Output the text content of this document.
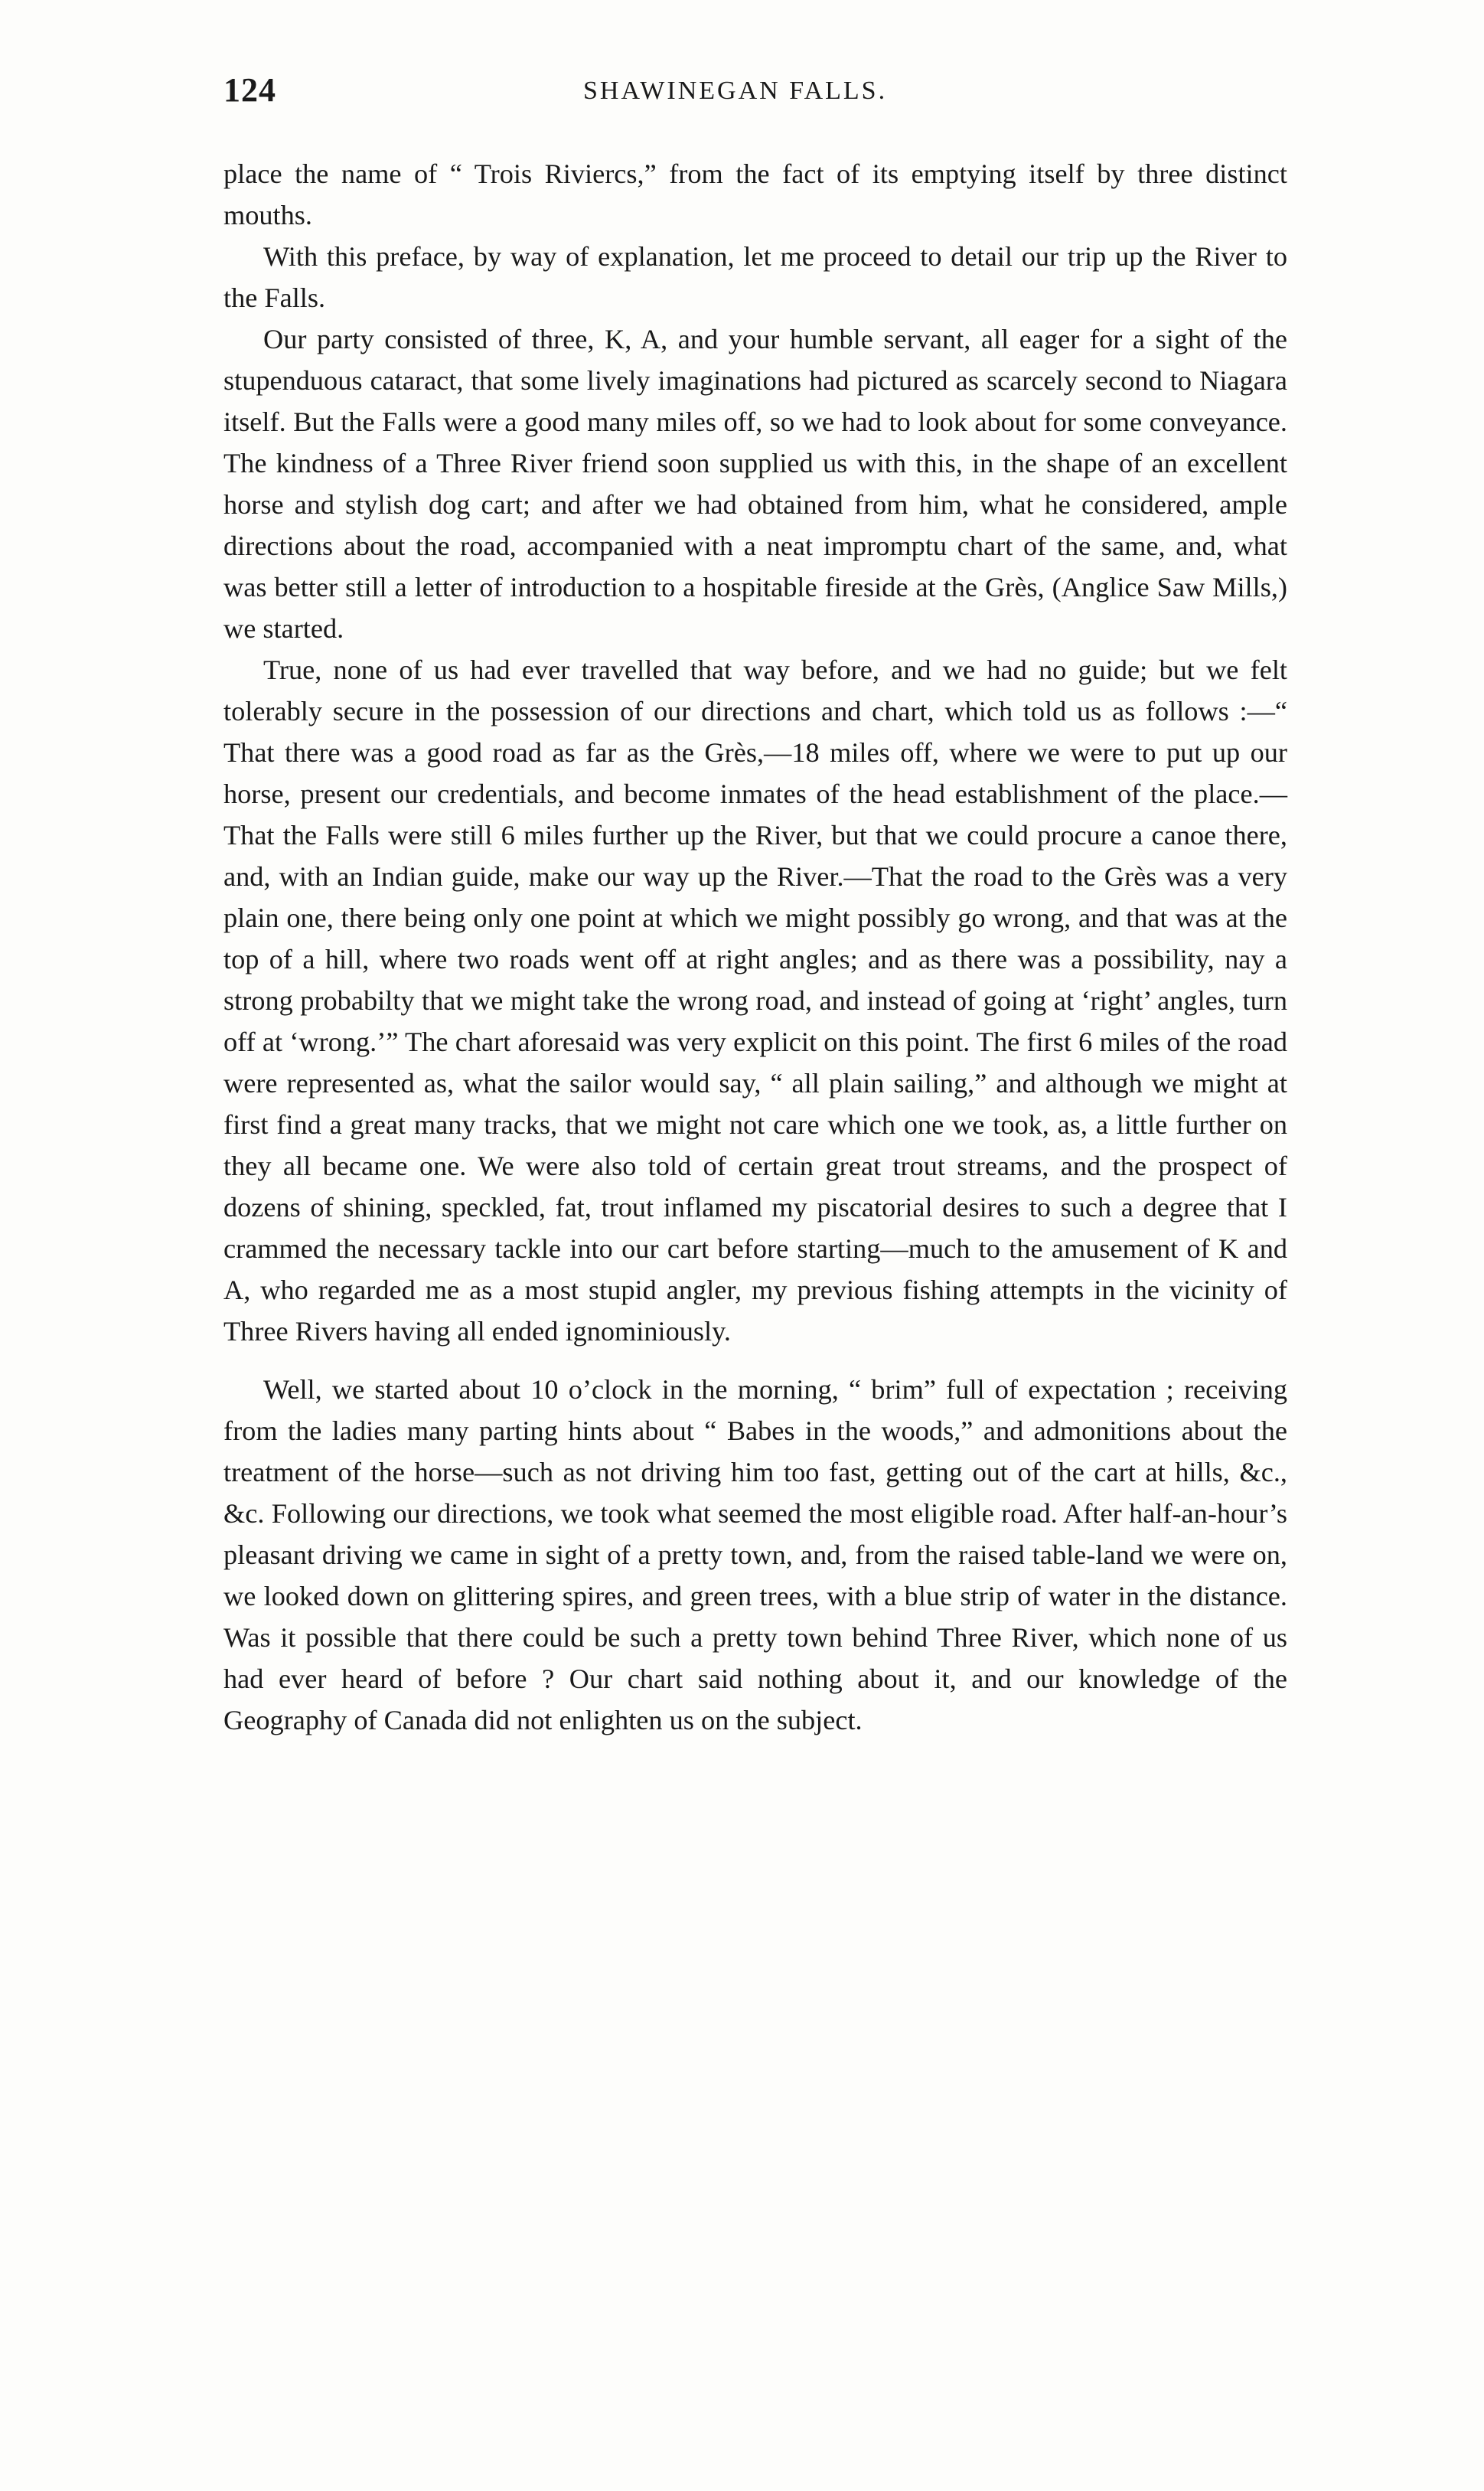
124	SHAWINEGAN FALLS.

place the name of “ Trois Riviercs,” from the fact of its emptying itself by three distinct mouths.

With this preface, by way of explanation, let me proceed to detail our trip up the River to the Falls.

Our party consisted of three, K, A, and your humble servant, all eager for a sight of the stupenduous cataract, that some lively imaginations had pictured as scarcely second to Niagara itself. But the Falls were a good many miles off, so we had to look about for some conveyance. The kindness of a Three River friend soon supplied us with this, in the shape of an excellent horse and stylish dog cart; and after we had obtained from him, what he considered, ample directions about the road, accompanied with a neat impromptu chart of the same, and, what was better still a letter of introduction to a hospitable fireside at the Grès, (Anglice Saw Mills,) we started.

True, none of us had ever travelled that way before, and we had no guide; but we felt tolerably secure in the possession of our directions and chart, which told us as follows :—“ That there was a good road as far as the Grès,—18 miles off, where we were to put up our horse, present our credentials, and become inmates of the head establishment of the place.—That the Falls were still 6 miles further up the River, but that we could procure a canoe there, and, with an Indian guide, make our way up the River.—That the road to the Grès was a very plain one, there being only one point at which we might possibly go wrong, and that was at the top of a hill, where two roads went off at right angles; and as there was a possibility, nay a strong probabilty that we might take the wrong road, and instead of going at ‘right’ angles, turn off at ‘wrong.’” The chart aforesaid was very explicit on this point. The first 6 miles of the road were represented as, what the sailor would say, “ all plain sailing,” and although we might at first find a great many tracks, that we might not care which one we took, as, a little further on they all became one. We were also told of certain great trout streams, and the prospect of dozens of shining, speckled, fat, trout inflamed my piscatorial desires to such a degree that I crammed the necessary tackle into our cart before starting—much to the amusement of K and A, who regarded me as a most stupid angler, my previous fishing attempts in the vicinity of Three Rivers having all ended ignominiously.

Well, we started about 10 o’clock in the morning, “ brim” full of expectation ; receiving from the ladies many parting hints about “ Babes in the woods,” and admonitions about the treatment of the horse—such as not driving him too fast, getting out of the cart at hills, &c., &c. Following our directions, we took what seemed the most eligible road. After half-an-hour’s pleasant driving we came in sight of a pretty town, and, from the raised table-land we were on, we looked down on glittering spires, and green trees, with a blue strip of water in the distance. Was it possible that there could be such a pretty town behind Three River, which none of us had ever heard of before ? Our chart said nothing about it, and our knowledge of the Geography of Canada did not enlighten us on the subject.
